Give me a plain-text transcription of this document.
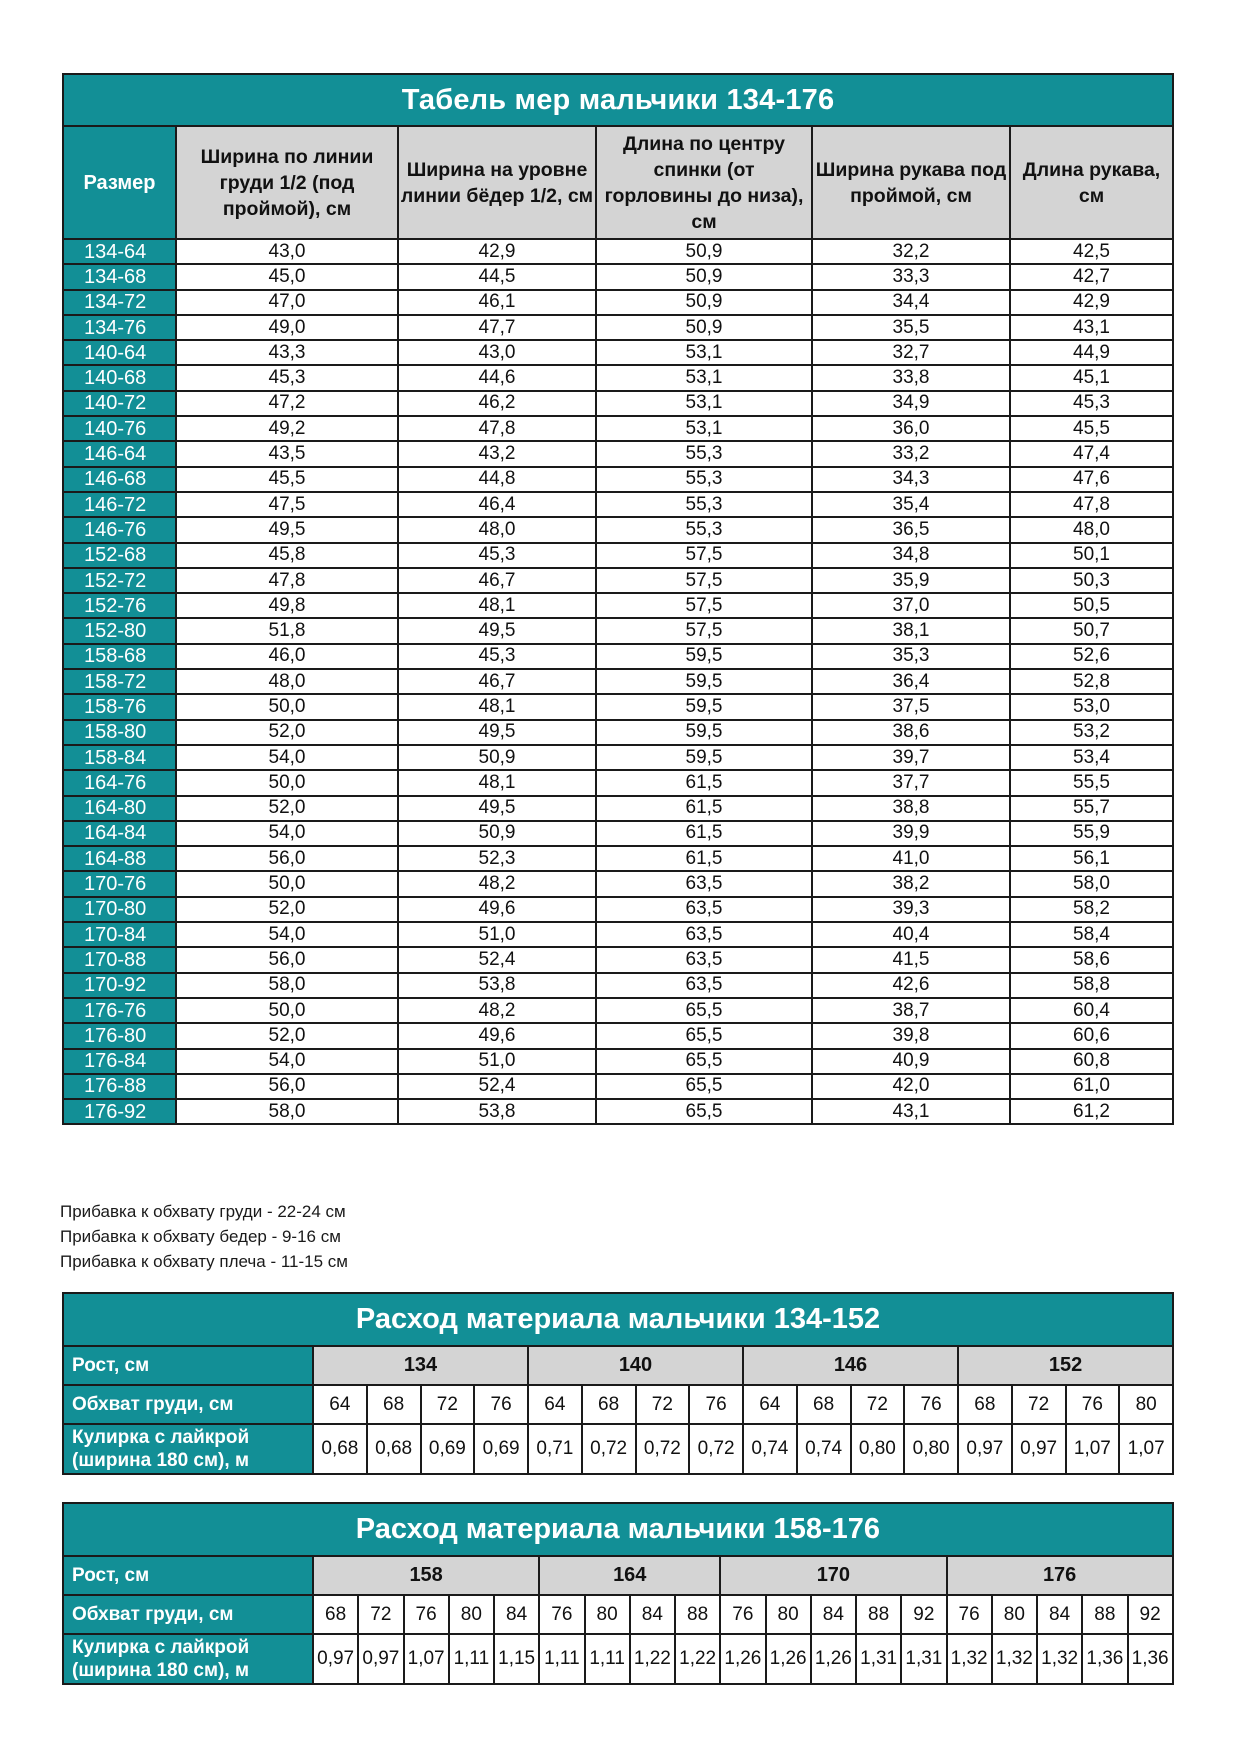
Табель мер мальчики 134-176					
Размер	Ширина по линии груди 1/2 (под проймой), см	Ширина на уровне линии бёдер 1/2, см	Длина по центру спинки (от горловины до низа), см	Ширина рукава под проймой, см	Длина рукава, см
134-64	43,0	42,9	50,9	32,2	42,5
134-68	45,0	44,5	50,9	33,3	42,7
134-72	47,0	46,1	50,9	34,4	42,9
134-76	49,0	47,7	50,9	35,5	43,1
140-64	43,3	43,0	53,1	32,7	44,9
140-68	45,3	44,6	53,1	33,8	45,1
140-72	47,2	46,2	53,1	34,9	45,3
140-76	49,2	47,8	53,1	36,0	45,5
146-64	43,5	43,2	55,3	33,2	47,4
146-68	45,5	44,8	55,3	34,3	47,6
146-72	47,5	46,4	55,3	35,4	47,8
146-76	49,5	48,0	55,3	36,5	48,0
152-68	45,8	45,3	57,5	34,8	50,1
152-72	47,8	46,7	57,5	35,9	50,3
152-76	49,8	48,1	57,5	37,0	50,5
152-80	51,8	49,5	57,5	38,1	50,7
158-68	46,0	45,3	59,5	35,3	52,6
158-72	48,0	46,7	59,5	36,4	52,8
158-76	50,0	48,1	59,5	37,5	53,0
158-80	52,0	49,5	59,5	38,6	53,2
158-84	54,0	50,9	59,5	39,7	53,4
164-76	50,0	48,1	61,5	37,7	55,5
164-80	52,0	49,5	61,5	38,8	55,7
164-84	54,0	50,9	61,5	39,9	55,9
164-88	56,0	52,3	61,5	41,0	56,1
170-76	50,0	48,2	63,5	38,2	58,0
170-80	52,0	49,6	63,5	39,3	58,2
170-84	54,0	51,0	63,5	40,4	58,4
170-88	56,0	52,4	63,5	41,5	58,6
170-92	58,0	53,8	63,5	42,6	58,8
176-76	50,0	48,2	65,5	38,7	60,4
176-80	52,0	49,6	65,5	39,8	60,6
176-84	54,0	51,0	65,5	40,9	60,8
176-88	56,0	52,4	65,5	42,0	61,0
176-92	58,0	53,8	65,5	43,1	61,2
Прибавка к обхвату груди - 22-24 см
Прибавка к обхвату бедер - 9-16 см
Прибавка к обхвату плеча - 11-15 см
Расход материала мальчики 134-152																
Рост, см	134				140				146				152			
Обхват груди, см	64	68	72	76	64	68	72	76	64	68	72	76	68	72	76	80
Кулирка с лайкрой (ширина 180 см), м	0,68	0,68	0,69	0,69	0,71	0,72	0,72	0,72	0,74	0,74	0,80	0,80	0,97	0,97	1,07	1,07
Расход материала мальчики 158-176																			
Рост, см	158					164				170					176				
Обхват груди, см	68	72	76	80	84	76	80	84	88	76	80	84	88	92	76	80	84	88	92
Кулирка с лайкрой (ширина 180 см), м	0,97	0,97	1,07	1,11	1,15	1,11	1,11	1,22	1,22	1,26	1,26	1,26	1,31	1,31	1,32	1,32	1,32	1,36	1,36
